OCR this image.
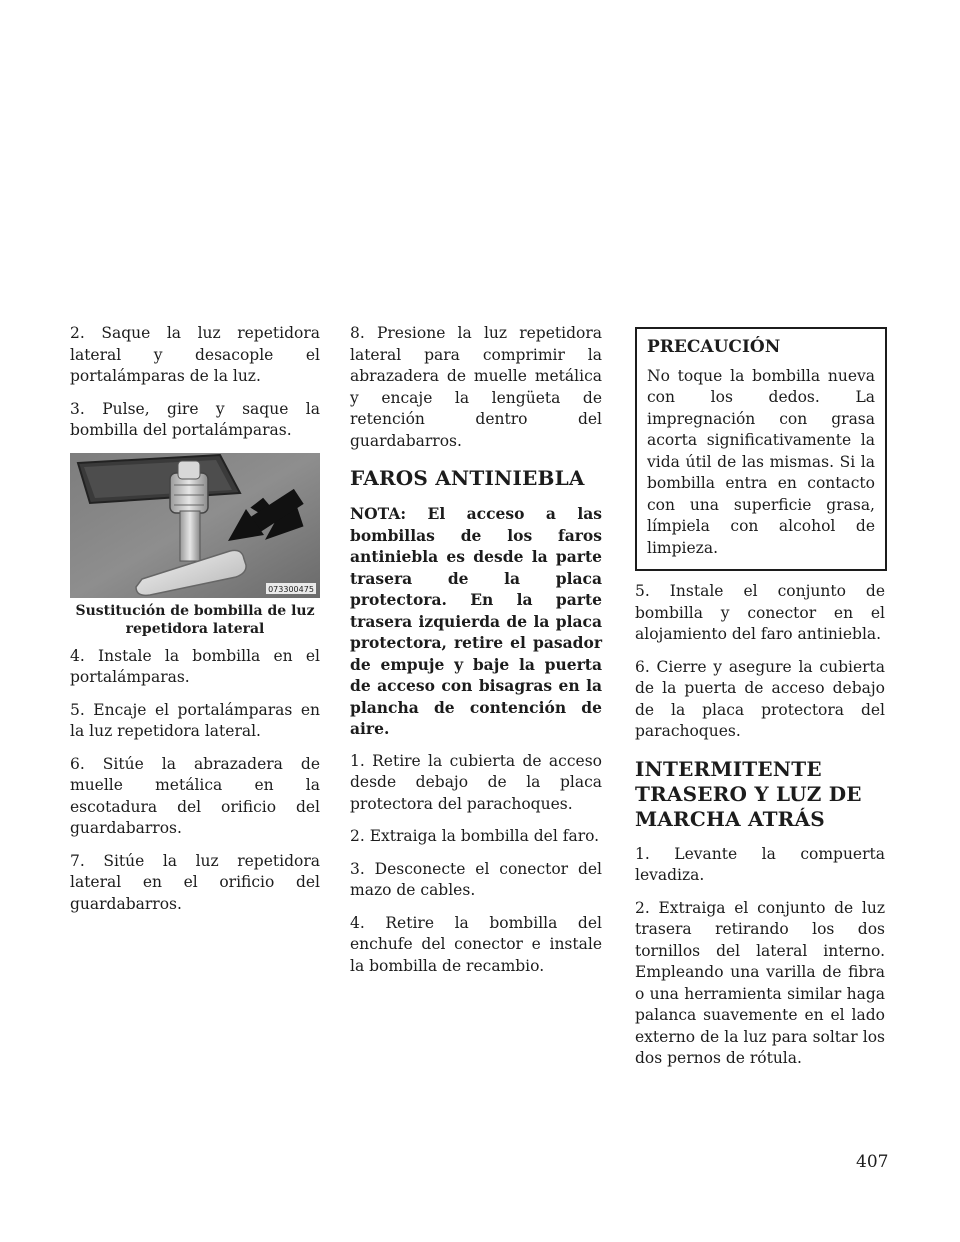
2. Saque la luz repetidora lateral y desacople el portalámparas de la luz.

3. Pulse, gire y saque la bombilla del portalámparas.

073300475
Sustitución de bombilla de luz repetidora lateral

4. Instale la bombilla en el portalámparas.

5. Encaje el portalámparas en la luz repetidora lateral.

6. Sitúe la abrazadera de muelle metálica en la escotadura del orificio del guardabarros.

7. Sitúe la luz repetidora lateral en el orificio del guardabarros.

8. Presione la luz repetidora lateral para comprimir la abrazadera de muelle metálica y encaje la lengüeta de retención dentro del guardabarros.

FAROS ANTINIEBLA
NOTA: El acceso a las bombillas de los faros antiniebla es desde la parte trasera de la placa protectora. En la parte trasera izquierda de la placa protectora, retire el pasador de empuje y baje la puerta de acceso con bisagras en la plancha de contención de aire.

1. Retire la cubierta de acceso desde debajo de la placa protectora del parachoques.

2. Extraiga la bombilla del faro.

3. Desconecte el conector del mazo de cables.

4. Retire la bombilla del enchufe del conector e instale la bombilla de recambio.

PRECAUCIÓN

No toque la bombilla nueva con los dedos. La impregnación con grasa acorta significativamente la vida útil de las mismas. Si la bombilla entra en contacto con una superficie grasa, límpiela con alcohol de limpieza.

5. Instale el conjunto de bombilla y conector en el alojamiento del faro antiniebla.

6. Cierre y asegure la cubierta de la puerta de acceso debajo de la placa protectora del parachoques.

INTERMITENTE TRASERO Y LUZ DE MARCHA ATRÁS

1. Levante la compuerta levadiza.

2. Extraiga el conjunto de luz trasera retirando los dos tornillos del lateral interno. Empleando una varilla de fibra o una herramienta similar haga palanca suavemente en el lado externo de la luz para soltar los dos pernos de rótula.

407
